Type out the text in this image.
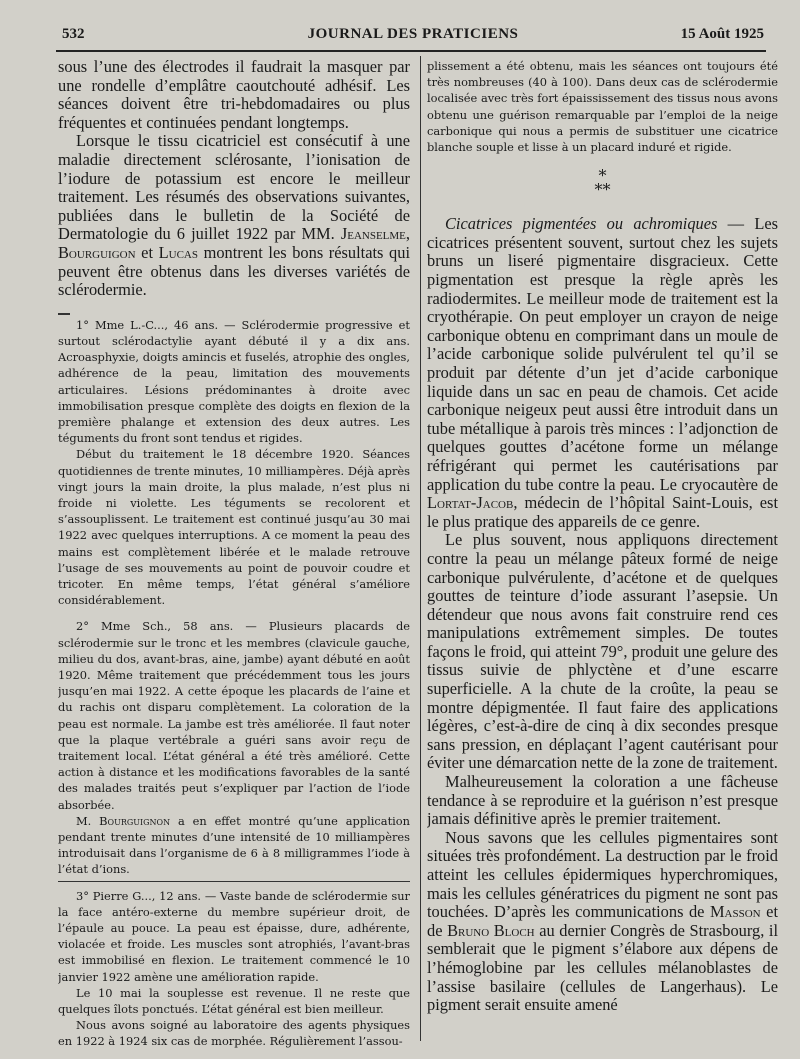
532	JOURNAL DES PRATICIENS	15 Août 1925

sous l’une des électrodes il faudrait la masquer par une rondelle d’emplâtre caoutchouté adhésif. Les séances doivent être tri-hebdomadaires ou plus fréquentes et continuées pendant longtemps.

Lorsque le tissu cicatriciel est consécutif à une maladie directement sclérosante, l’ionisation de l’iodure de potassium est encore le meilleur traitement. Les résumés des observations suivantes, publiées dans le bulletin de la Société de Dermatologie du 6 juillet 1922 par MM. Jeanselme, Bourguigon et Lucas montrent les bons résultats qui peuvent être obtenus dans les diverses variétés de sclérodermie.

1° Mme L.-C..., 46 ans. — Sclérodermie progressive et surtout sclérodactylie ayant débuté il y a dix ans. Acroasphyxie, doigts amincis et fuselés, atrophie des ongles, adhérence de la peau, limitation des mouvements articulaires. Lésions prédominantes à droite avec immobilisation presque complète des doigts en flexion de la première phalange et extension des deux autres. Les téguments du front sont tendus et rigides.

Début du traitement le 18 décembre 1920. Séances quotidiennes de trente minutes, 10 milliampères. Déjà après vingt jours la main droite, la plus malade, n’est plus ni froide ni violette. Les téguments se recolorent et s’assouplissent. Le traitement est continué jusqu’au 30 mai 1922 avec quelques interruptions. A ce moment la peau des mains est complètement libérée et le malade retrouve l’usage de ses mouvements au point de pouvoir coudre et tricoter. En même temps, l’état général s’améliore considérablement.

2° Mme Sch., 58 ans. — Plusieurs placards de sclérodermie sur le tronc et les membres (clavicule gauche, milieu du dos, avant-bras, aine, jambe) ayant débuté en août 1920. Même traitement que précédemment tous les jours jusqu’en mai 1922. A cette époque les placards de l’aine et du rachis ont disparu complètement. La coloration de la peau est normale. La jambe est très améliorée. Il faut noter que la plaque vertébrale a guéri sans avoir reçu de traitement local. L’état général a été très amélioré. Cette action à distance et les modifications favorables de la santé des malades traités peut s’expliquer par l’action de l’iode absorbée.

M. Bourguignon a en effet montré qu’une application pendant trente minutes d’une intensité de 10 milliampères introduisait dans l’organisme de 6 à 8 milligrammes l’iode à l’état d’ions.

3° Pierre G..., 12 ans. — Vaste bande de sclérodermie sur la face antéro-externe du membre supérieur droit, de l’épaule au pouce. La peau est épaisse, dure, adhérente, violacée et froide. Les muscles sont atrophiés, l’avant-bras est immobilisé en flexion. Le traitement commencé le 10 janvier 1922 amène une amélioration rapide.

Le 10 mai la souplesse est revenue. Il ne reste que quelques îlots ponctués. L’état général est bien meilleur.

Nous avons soigné au laboratoire des agents physiques en 1922 à 1924 six cas de morphée. Régulièrement l’assou-

plissement a été obtenu, mais les séances ont toujours été très nombreuses (40 à 100). Dans deux cas de sclérodermie localisée avec très fort épaississement des tissus nous avons obtenu une guérison remarquable par l’emploi de la neige carbonique qui nous a permis de substituer une cicatrice blanche souple et lisse à un placard induré et rigide.

*
**

Cicatrices pigmentées ou achromiques — Les cicatrices présentent souvent, surtout chez les sujets bruns un liseré pigmentaire disgracieux. Cette pigmentation est presque la règle après les radiodermites. Le meilleur mode de traitement est la cryothérapie. On peut employer un crayon de neige carbonique obtenu en comprimant dans un moule de l’acide carbonique solide pulvérulent tel qu’il se produit par détente d’un jet d’acide carbonique liquide dans un sac en peau de chamois. Cet acide carbonique neigeux peut aussi être introduit dans un tube métallique à parois très minces : l’adjonction de quelques gouttes d’acétone forme un mélange réfrigérant qui permet les cautérisations par application du tube contre la peau. Le cryocautère de Lortat-Jacob, médecin de l’hôpital Saint-Louis, est le plus pratique des appareils de ce genre.

Le plus souvent, nous appliquons directement contre la peau un mélange pâteux formé de neige carbonique pulvérulente, d’acétone et de quelques gouttes de teinture d’iode assurant l’asepsie. Un détendeur que nous avons fait construire rend ces manipulations extrêmement simples. De toutes façons le froid, qui atteint 79°, produit une gelure des tissus suivie de phlyctène et d’une escarre superficielle. A la chute de la croûte, la peau se montre dépigmentée. Il faut faire des applications légères, c’est-à-dire de cinq à dix secondes presque sans pression, en déplaçant l’agent cautérisant pour éviter une démarcation nette de la zone de traitement.

Malheureusement la coloration a une fâcheuse tendance à se reproduire et la guérison n’est presque jamais définitive après le premier traitement.

Nous savons que les cellules pigmentaires sont situées très profondément. La destruction par le froid atteint les cellules épidermiques hyperchromiques, mais les cellules génératrices du pigment ne sont pas touchées. D’après les communications de Masson et de Bruno Bloch au dernier Congrès de Strasbourg, il semblerait que le pigment s’élabore aux dépens de l’hémoglobine par les cellules mélanoblastes de l’assise basilaire (cellules de Langerhaus). Le pigment serait ensuite amené
